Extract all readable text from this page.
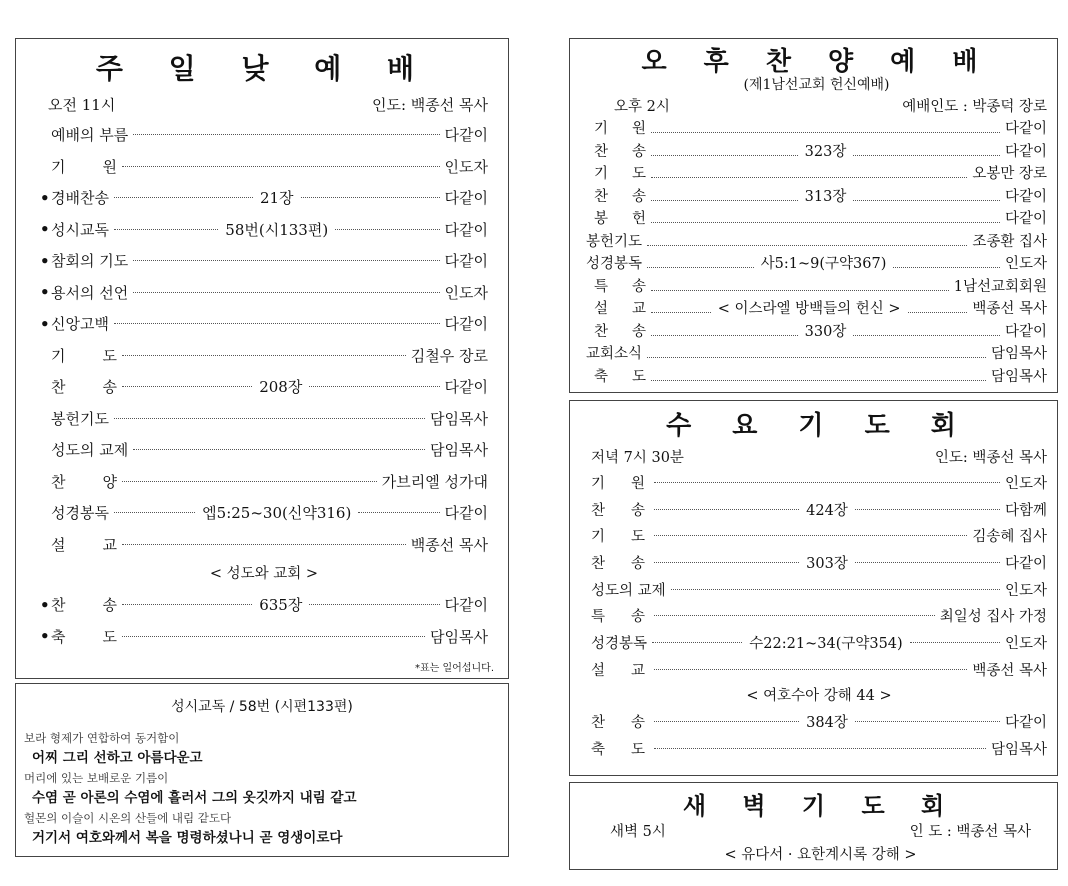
주 일 낮 예 배
오전 11시	인도: 백종선 목사
예배의 부름	다같이
기 원	인도자
• 경배찬송	21장	다같이
• 성시교독	58번(시133편)	다같이
• 참회의 기도	다같이
• 용서의 선언	인도자
• 신앙고백	다같이
기 도	김철우 장로
찬 송	208장	다같이
봉헌기도	담임목사
성도의 교제	담임목사
찬 양	가브리엘 성가대
성경봉독	엡5:25~30(신약316)	다같이
설 교	백종선 목사
< 성도와 교회 >
• 찬 송	635장	다같이
• 축 도	담임목사
*표는 일어섭니다.
성시교독 / 58번 (시편133편)
보라 형제가 연합하여 동거함이
어찌 그리 선하고 아름다운고
머리에 있는 보배로운 기름이
수염 곧 아론의 수염에 흘러서 그의 옷깃까지 내림 같고
헐몬의 이슬이 시온의 산들에 내림 같도다
거기서 여호와께서 복을 명령하셨나니 곧 영생이로다
오 후 찬 양 예 배
(제1남선교회 헌신예배)
오후 2시	예배인도 : 박종덕 장로
기 원	다같이
찬 송	323장	다같이
기 도	오봉만 장로
찬 송	313장	다같이
봉 헌	다같이
봉헌기도	조종환 집사
성경봉독	사5:1~9(구약367)	인도자
특 송	1남선교회회원
설 교	< 이스라엘 방백들의 헌신 >	백종선 목사
찬 송	330장	다같이
교회소식	담임목사
축 도	담임목사
수 요 기 도 회
저녁 7시 30분	인도: 백종선 목사
기 원	인도자
찬 송	424장	다함께
기 도	김송혜 집사
찬 송	303장	다같이
성도의 교제	인도자
특 송	최일성 집사 가정
성경봉독	수22:21~34(구약354)	인도자
설 교	백종선 목사
< 여호수아 강해 44 >
찬 송	384장	다같이
축 도	담임목사
새 벽 기 도 회
새벽 5시	인 도 : 백종선 목사
< 유다서 · 요한계시록 강해 >
